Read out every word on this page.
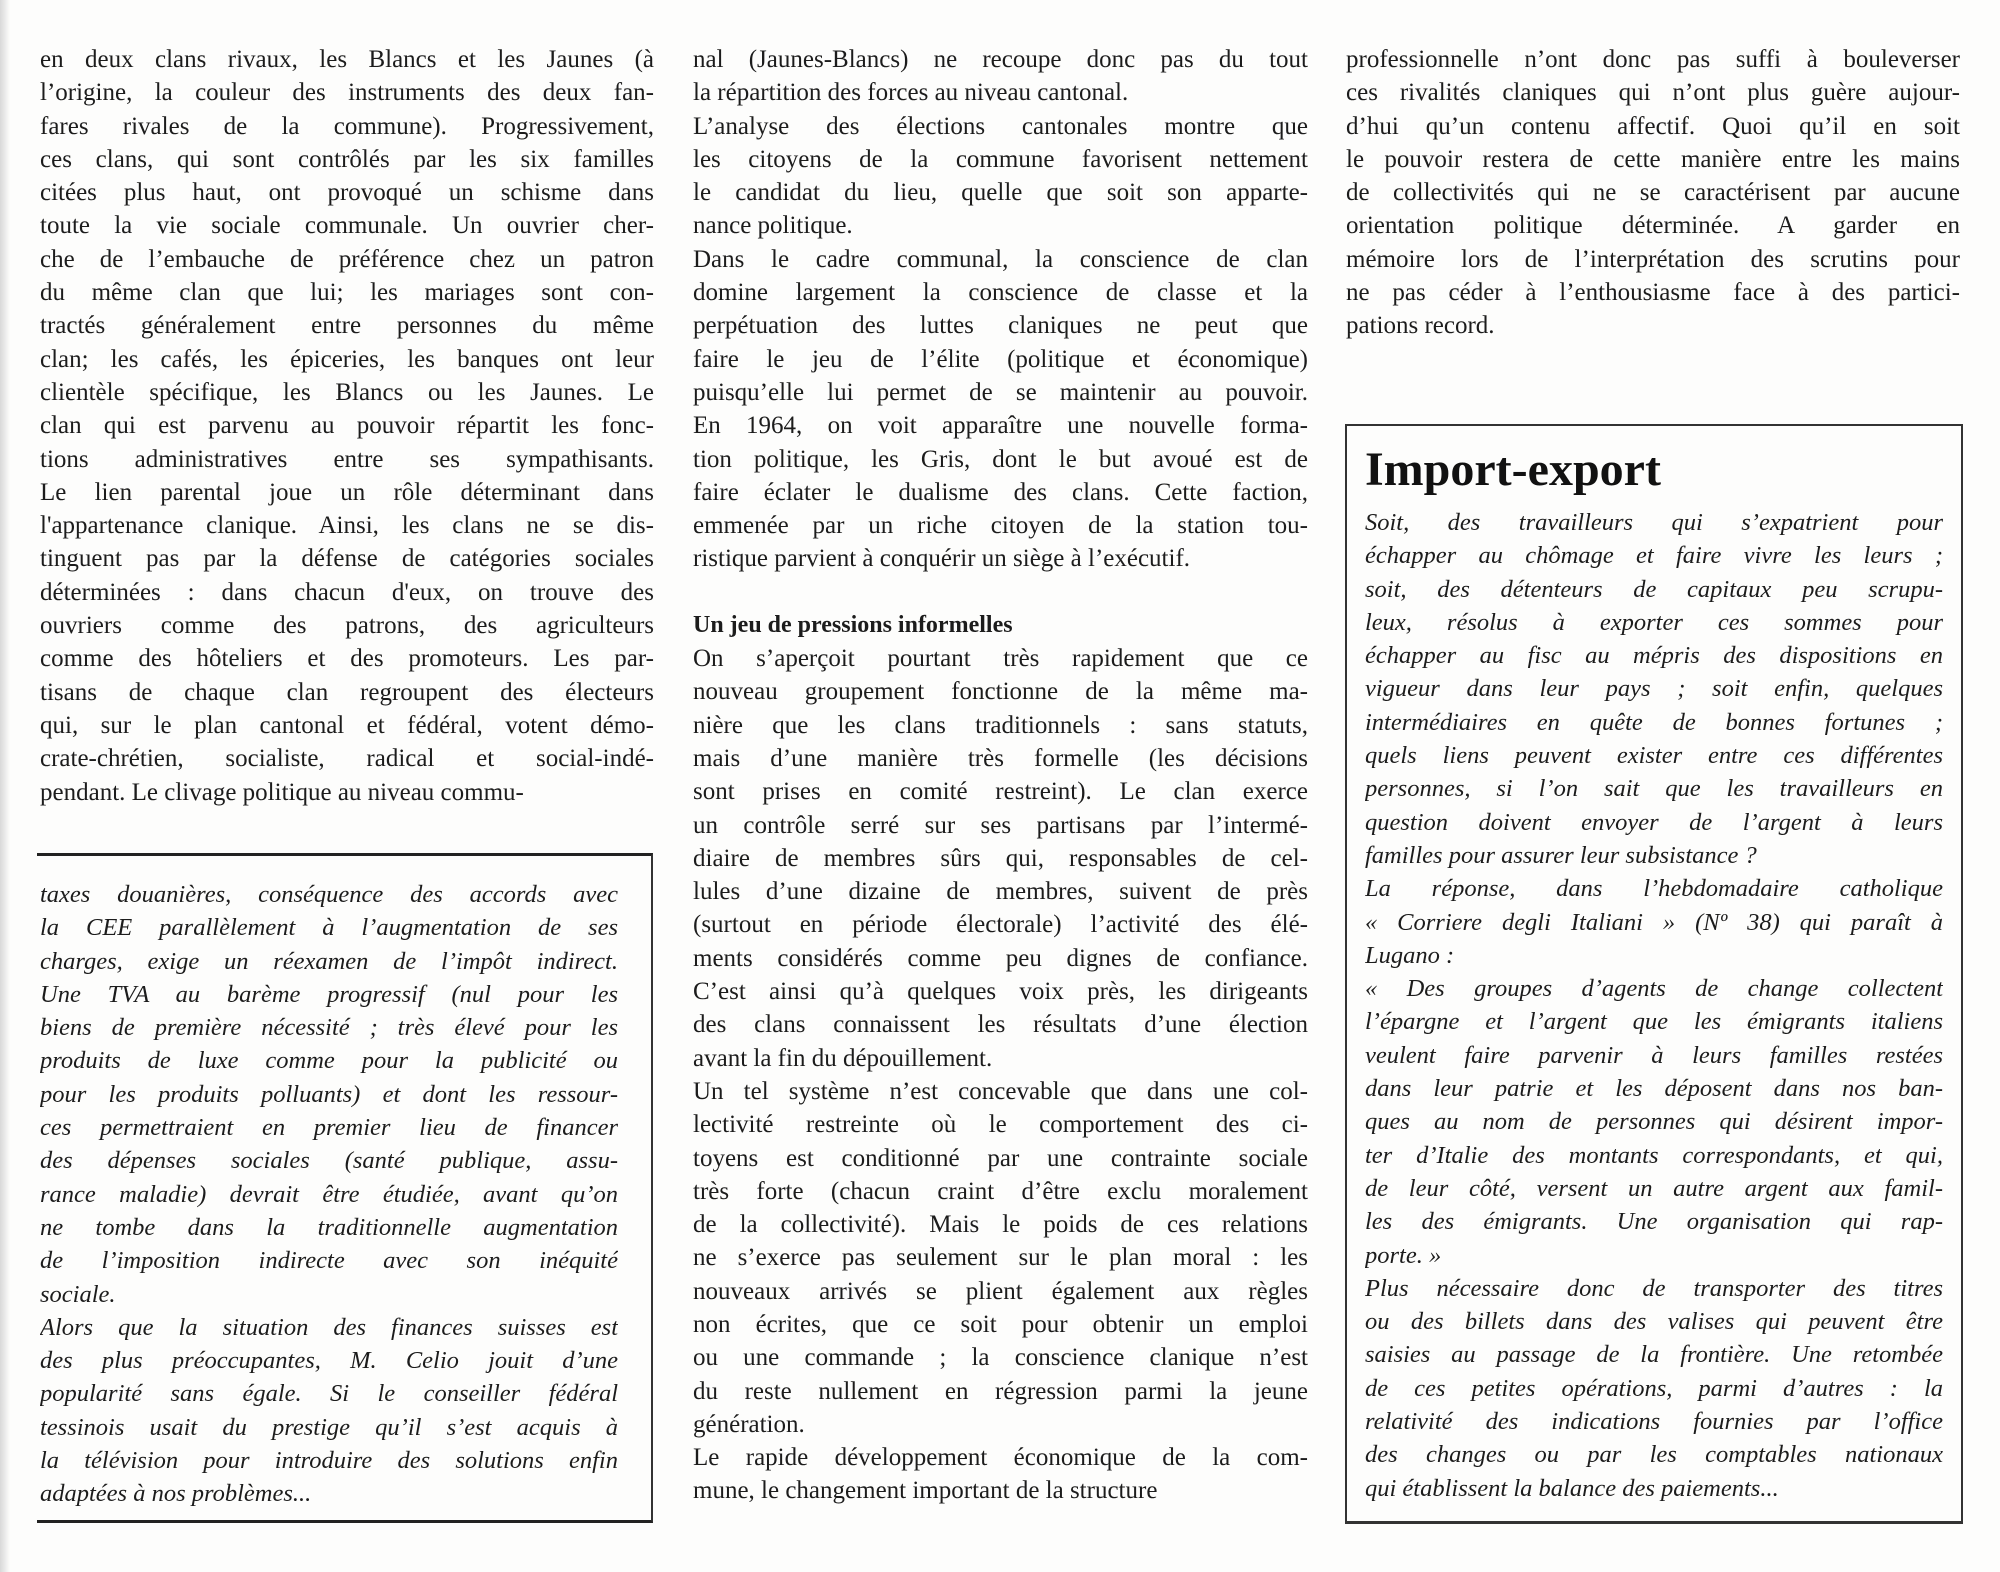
en deux clans rivaux, les Blancs et les Jaunes (à
l’origine, la couleur des instruments des deux fan-
fares rivales de la commune). Progressivement,
ces clans, qui sont contrôlés par les six familles
citées plus haut, ont provoqué un schisme dans
toute la vie sociale communale. Un ouvrier cher-
che de l’embauche de préférence chez un patron
du même clan que lui; les mariages sont con-
tractés généralement entre personnes du même
clan; les cafés, les épiceries, les banques ont leur
clientèle spécifique, les Blancs ou les Jaunes. Le
clan qui est parvenu au pouvoir répartit les fonc-
tions administratives entre ses sympathisants.
Le lien parental joue un rôle déterminant dans
l'appartenance clanique. Ainsi, les clans ne se dis-
tinguent pas par la défense de catégories sociales
déterminées : dans chacun d'eux, on trouve des
ouvriers comme des patrons, des agriculteurs
comme des hôteliers et des promoteurs. Les par-
tisans de chaque clan regroupent des électeurs
qui, sur le plan cantonal et fédéral, votent démo-
crate-chrétien, socialiste, radical et social-indé-
pendant. Le clivage politique au niveau commu-
taxes douanières, conséquence des accords avec
la CEE parallèlement à l’augmentation de ses
charges, exige un réexamen de l’impôt indirect.
Une TVA au barème progressif (nul pour les
biens de première nécessité ; très élevé pour les
produits de luxe comme pour la publicité ou
pour les produits polluants) et dont les ressour-
ces permettraient en premier lieu de financer
des dépenses sociales (santé publique, assu-
rance maladie) devrait être étudiée, avant qu’on
ne tombe dans la traditionnelle augmentation
de l’imposition indirecte avec son inéquité
sociale.
Alors que la situation des finances suisses est
des plus préoccupantes, M. Celio jouit d’une
popularité sans égale. Si le conseiller fédéral
tessinois usait du prestige qu’il s’est acquis à
la télévision pour introduire des solutions enfin
adaptées à nos problèmes...
nal (Jaunes-Blancs) ne recoupe donc pas du tout
la répartition des forces au niveau cantonal.
L’analyse des élections cantonales montre que
les citoyens de la commune favorisent nettement
le candidat du lieu, quelle que soit son apparte-
nance politique.
Dans le cadre communal, la conscience de clan
domine largement la conscience de classe et la
perpétuation des luttes claniques ne peut que
faire le jeu de l’élite (politique et économique)
puisqu’elle lui permet de se maintenir au pouvoir.
En 1964, on voit apparaître une nouvelle forma-
tion politique, les Gris, dont le but avoué est de
faire éclater le dualisme des clans. Cette faction,
emmenée par un riche citoyen de la station tou-
ristique parvient à conquérir un siège à l’exécutif.
Un jeu de pressions informelles
On s’aperçoit pourtant très rapidement que ce
nouveau groupement fonctionne de la même ma-
nière que les clans traditionnels : sans statuts,
mais d’une manière très formelle (les décisions
sont prises en comité restreint). Le clan exerce
un contrôle serré sur ses partisans par l’intermé-
diaire de membres sûrs qui, responsables de cel-
lules d’une dizaine de membres, suivent de près
(surtout en période électorale) l’activité des élé-
ments considérés comme peu dignes de confiance.
C’est ainsi qu’à quelques voix près, les dirigeants
des clans connaissent les résultats d’une élection
avant la fin du dépouillement.
Un tel système n’est concevable que dans une col-
lectivité restreinte où le comportement des ci-
toyens est conditionné par une contrainte sociale
très forte (chacun craint d’être exclu moralement
de la collectivité). Mais le poids de ces relations
ne s’exerce pas seulement sur le plan moral : les
nouveaux arrivés se plient également aux règles
non écrites, que ce soit pour obtenir un emploi
ou une commande ; la conscience clanique n’est
du reste nullement en régression parmi la jeune
génération.
Le rapide développement économique de la com-
mune, le changement important de la structure
professionnelle n’ont donc pas suffi à bouleverser
ces rivalités claniques qui n’ont plus guère aujour-
d’hui qu’un contenu affectif. Quoi qu’il en soit
le pouvoir restera de cette manière entre les mains
de collectivités qui ne se caractérisent par aucune
orientation politique déterminée. A garder en
mémoire lors de l’interprétation des scrutins pour
ne pas céder à l’enthousiasme face à des partici-
pations record.
Import-export
Soit, des travailleurs qui s’expatrient pour
échapper au chômage et faire vivre les leurs ;
soit, des détenteurs de capitaux peu scrupu-
leux, résolus à exporter ces sommes pour
échapper au fisc au mépris des dispositions en
vigueur dans leur pays ; soit enfin, quelques
intermédiaires en quête de bonnes fortunes ;
quels liens peuvent exister entre ces différentes
personnes, si l’on sait que les travailleurs en
question doivent envoyer de l’argent à leurs
familles pour assurer leur subsistance ?
La réponse, dans l’hebdomadaire catholique
« Corriere degli Italiani » (Nº 38) qui paraît à
Lugano :
« Des groupes d’agents de change collectent
l’épargne et l’argent que les émigrants italiens
veulent faire parvenir à leurs familles restées
dans leur patrie et les déposent dans nos ban-
ques au nom de personnes qui désirent impor-
ter d’Italie des montants correspondants, et qui,
de leur côté, versent un autre argent aux famil-
les des émigrants. Une organisation qui rap-
porte. »
Plus nécessaire donc de transporter des titres
ou des billets dans des valises qui peuvent être
saisies au passage de la frontière. Une retombée
de ces petites opérations, parmi d’autres : la
relativité des indications fournies par l’office
des changes ou par les comptables nationaux
qui établissent la balance des paiements...
